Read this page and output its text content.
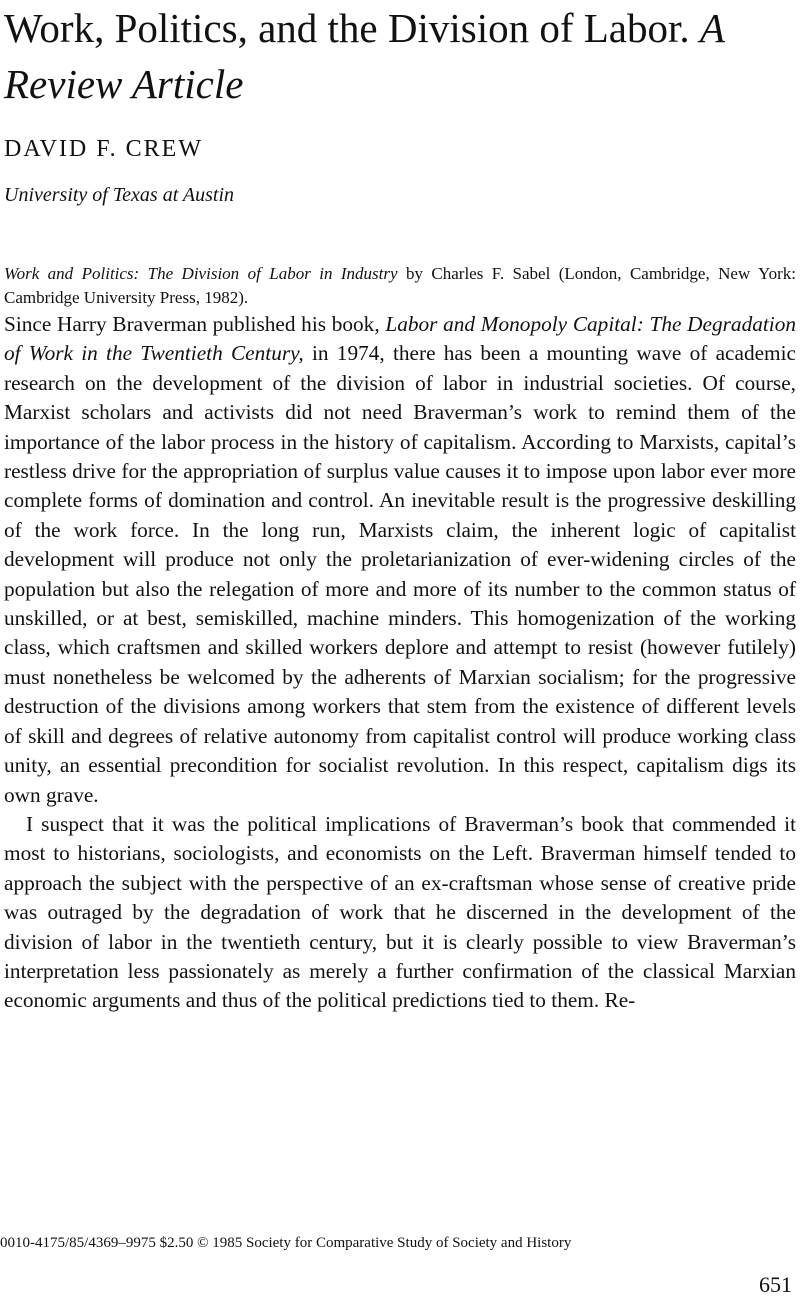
Work, Politics, and the Division of Labor. A Review Article

DAVID F. CREW

University of Texas at Austin

Work and Politics: The Division of Labor in Industry by Charles F. Sabel (London, Cambridge, New York: Cambridge University Press, 1982).

Since Harry Braverman published his book, Labor and Monopoly Capital: The Degradation of Work in the Twentieth Century, in 1974, there has been a mounting wave of academic research on the development of the division of labor in industrial societies. Of course, Marxist scholars and activists did not need Braverman’s work to remind them of the importance of the labor process in the history of capitalism. According to Marxists, capital’s restless drive for the appropriation of surplus value causes it to impose upon labor ever more complete forms of domination and control. An inevitable result is the progressive deskilling of the work force. In the long run, Marxists claim, the inherent logic of capitalist development will produce not only the proletarianization of ever-widening circles of the population but also the relegation of more and more of its number to the common status of unskilled, or at best, semiskilled, machine minders. This homogenization of the working class, which craftsmen and skilled workers deplore and attempt to resist (however futilely) must nonetheless be welcomed by the adherents of Marxian socialism; for the progressive destruction of the divisions among workers that stem from the existence of different levels of skill and degrees of relative autonomy from capitalist control will produce working class unity, an essential precondition for socialist revolution. In this respect, capitalism digs its own grave.

I suspect that it was the political implications of Braverman’s book that commended it most to historians, sociologists, and economists on the Left. Braverman himself tended to approach the subject with the perspective of an ex-craftsman whose sense of creative pride was outraged by the degradation of work that he discerned in the development of the division of labor in the twentieth century, but it is clearly possible to view Braverman’s interpretation less passionately as merely a further confirmation of the classical Marxian economic arguments and thus of the political predictions tied to them. Re-

0010-4175/85/4369–9975 $2.50 © 1985 Society for Comparative Study of Society and History

651
